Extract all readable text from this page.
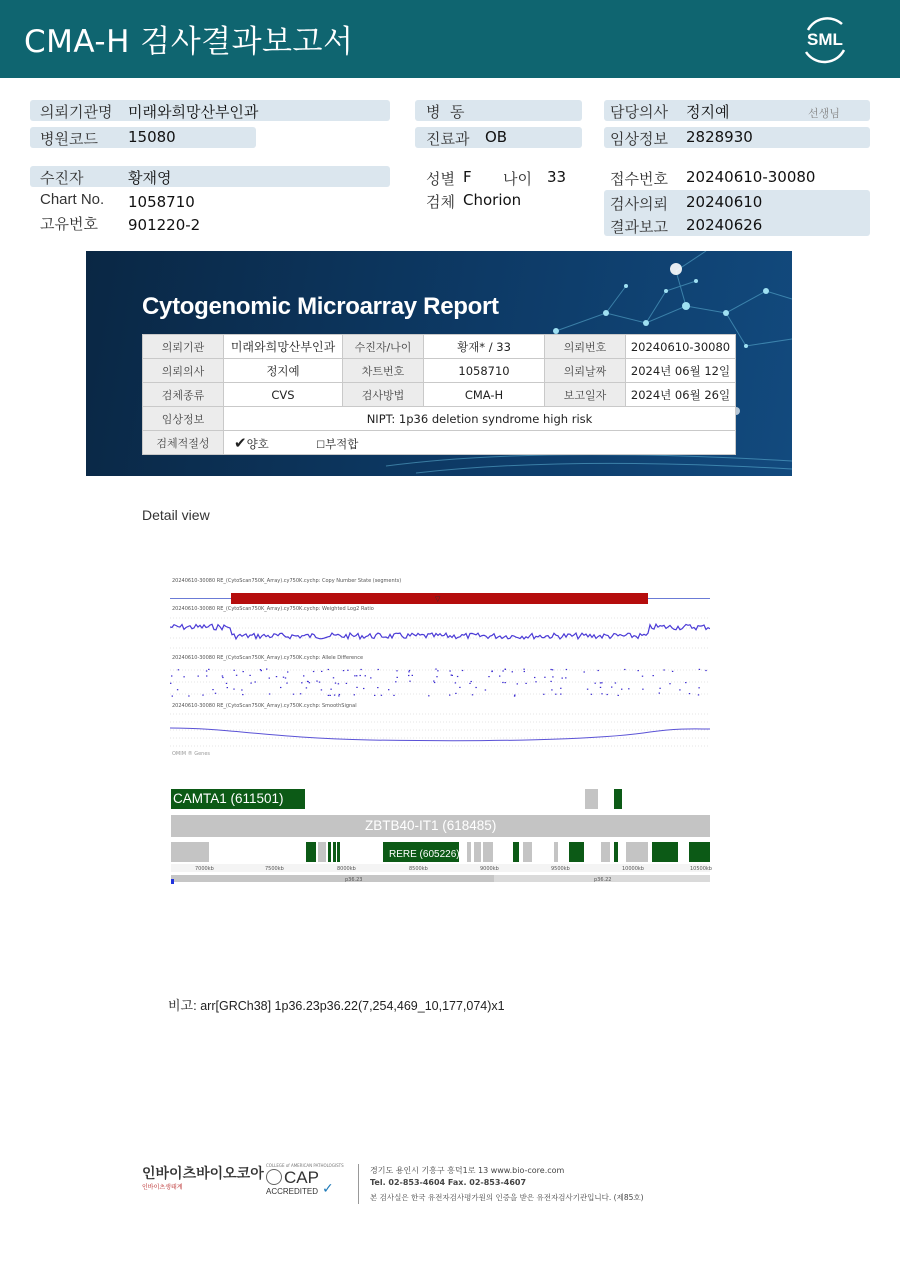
CMA-H 검사결과보고서	SML
의뢰기관명 미래와희망산부인과
병원코드 15080
병  동
진료과 OB
담당의사 정지예	선생님
임상정보 2828930
수진자	황재영
Chart No. 1058710
고유번호 901220-2
성별 F 나이 33
검체 Chorion
접수번호 20240610-30080
검사의뢰 20240610
결과보고 20240626
Cytogenomic Microarray Report
의뢰기관	미래와희망산부인과	수진자/나이	황재* / 33	의뢰번호	20240610-30080
의뢰의사	정지예	차트번호	1058710	의뢰날짜	2024년 06월 12일
검체종류	CVS	검사방법	CMA-H	보고일자	2024년 06월 26일
임상정보	NIPT: 1p36 deletion syndrome high risk				
검체적절성	✔양호 ☐부적합				
Detail view
20240610-30080 RE_(CytoScan750K_Array).cy750K.cychp: Copy Number State (segments)
▽
20240610-30080 RE_(CytoScan750K_Array).cy750K.cychp: Weighted Log2 Ratio
20240610-30080 RE_(CytoScan750K_Array).cy750K.cychp: Allele Difference
20240610-30080 RE_(CytoScan750K_Array).cy750K.cychp: SmoothSignal
OMIM ® Genes
CAMTA1 (611501)
ZBTB40-IT1 (618485)
RERE (605226)
7000kb	7500kb	8000kb	8500kb	9000kb	9500kb	10000kb	10500kb
p36.23	p36.22
비고: arr[GRCh38] 1p36.23p36.22(7,254,469_10,177,074)x1
인바이츠바이오코아
인바이츠생태계
COLLEGE of AMERICAN PATHOLOGISTS
CAP
ACCREDITED ✓
경기도 용인시 기흥구 흥덕1로 13 www.bio-core.com
Tel. 02-853-4604 Fax. 02-853-4607
본 검사실은 한국 유전자검사평가원의 인증을 받은 유전자검사기관입니다. (제85호)
